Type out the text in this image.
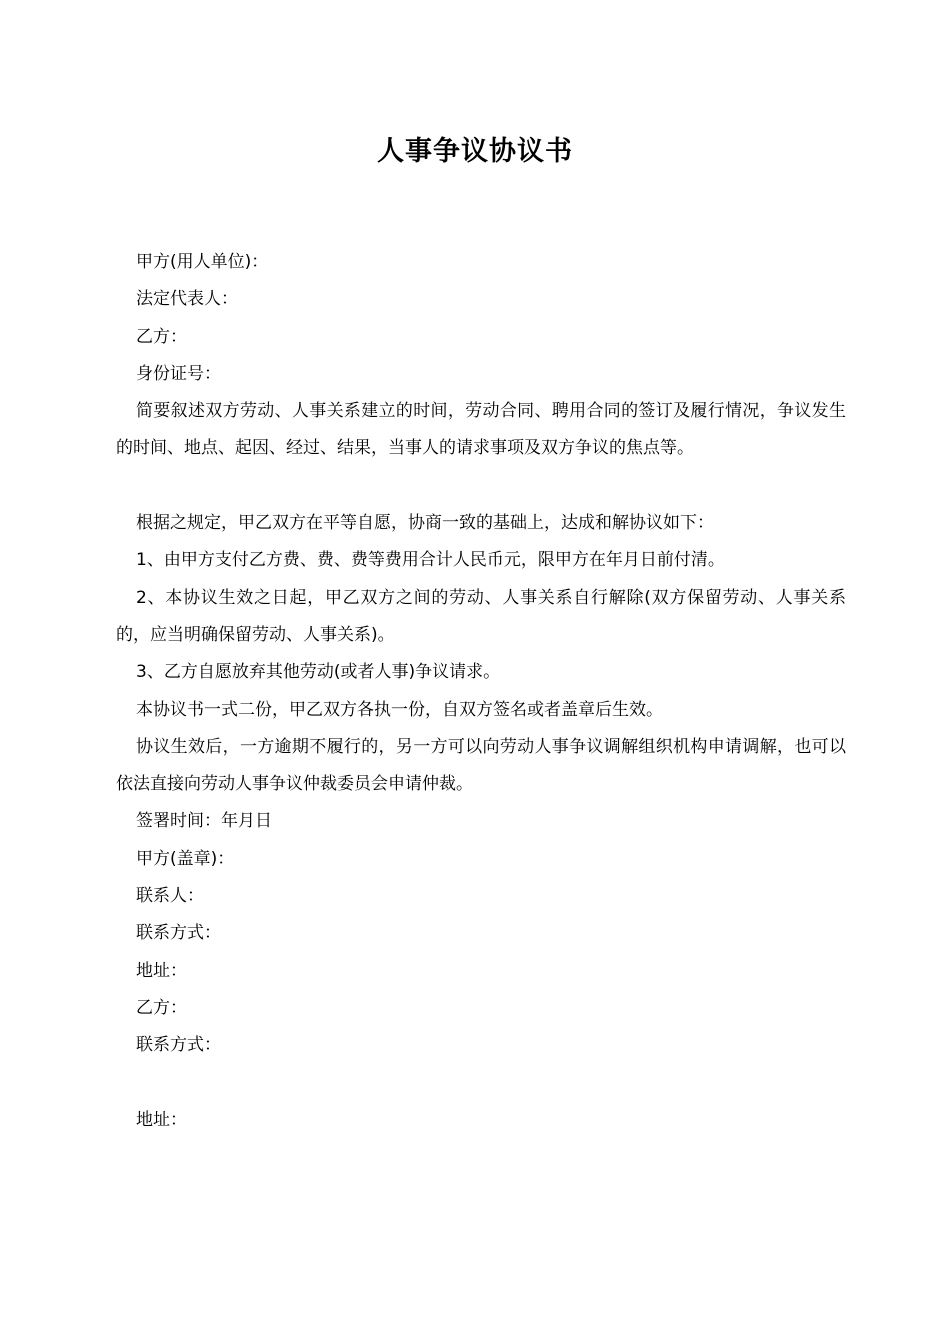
人事争议协议书

甲方(用人单位)：

法定代表人：

乙方：

身份证号：

简要叙述双方劳动、人事关系建立的时间，劳动合同、聘用合同的签订及履行情况，争议发生的时间、地点、起因、经过、结果，当事人的请求事项及双方争议的焦点等。

根据之规定，甲乙双方在平等自愿，协商一致的基础上，达成和解协议如下：

1、由甲方支付乙方费、费、费等费用合计人民币元，限甲方在年月日前付清。

2、本协议生效之日起，甲乙双方之间的劳动、人事关系自行解除(双方保留劳动、人事关系的，应当明确保留劳动、人事关系)。

3、乙方自愿放弃其他劳动(或者人事)争议请求。

本协议书一式二份，甲乙双方各执一份，自双方签名或者盖章后生效。

协议生效后，一方逾期不履行的，另一方可以向劳动人事争议调解组织机构申请调解，也可以依法直接向劳动人事争议仲裁委员会申请仲裁。

签署时间：年月日

甲方(盖章)：

联系人：

联系方式：

地址：

乙方：

联系方式：

地址：
